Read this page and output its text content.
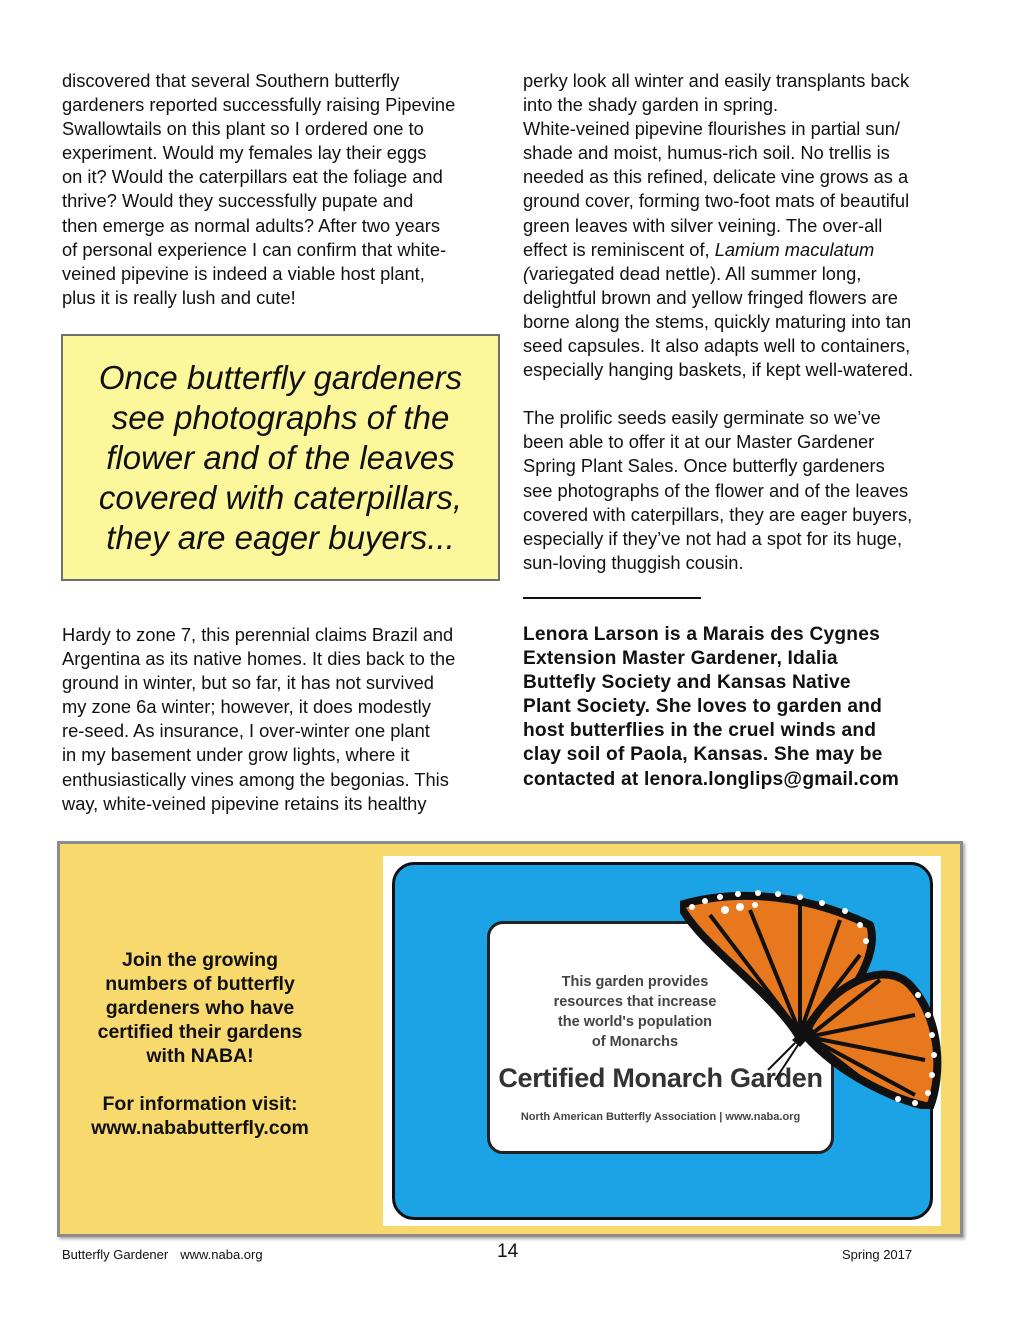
discovered that several Southern butterfly
gardeners reported successfully raising Pipevine
Swallowtails on this plant so I ordered one to
experiment. Would my females lay their eggs
on it? Would the caterpillars eat the foliage and
thrive? Would they successfully pupate and
then emerge as normal adults? After two years
of personal experience I can confirm that white-
veined pipevine is indeed a viable host plant,
plus it is really lush and cute!

Once butterfly gardeners
see photographs of the
flower and of the leaves
covered with caterpillars,
they are eager buyers...

Hardy to zone 7, this perennial claims Brazil and
Argentina as its native homes. It dies back to the
ground in winter, but so far, it has not survived
my zone 6a winter; however, it does modestly
re-seed. As insurance, I over-winter one plant
in my basement under grow lights, where it
enthusiastically vines among the begonias. This
way, white-veined pipevine retains its healthy

perky look all winter and easily transplants back
into the shady garden in spring.

White-veined pipevine flourishes in partial sun/
shade and moist, humus-rich soil. No trellis is
needed as this refined, delicate vine grows as a
ground cover, forming two-foot mats of beautiful
green leaves with silver veining. The over-all
effect is reminiscent of, Lamium maculatum
(variegated dead nettle). All summer long,
delightful brown and yellow fringed flowers are
borne along the stems, quickly maturing into tan
seed capsules. It also adapts well to containers,
especially hanging baskets, if kept well-watered.

The prolific seeds easily germinate so we’ve
been able to offer it at our Master Gardener
Spring Plant Sales. Once butterfly gardeners
see photographs of the flower and of the leaves
covered with caterpillars, they are eager buyers,
especially if they’ve not had a spot for its huge,
sun-loving thuggish cousin.

Lenora Larson is a Marais des Cygnes
Extension Master Gardener, Idalia
Buttefly Society and Kansas Native
Plant Society. She loves to garden and
host butterflies in the cruel winds and
clay soil of Paola, Kansas. She may be
contacted at lenora.longlips@gmail.com
Join the growing
numbers of butterfly
gardeners who have
certified their gardens
with NABA!
For information visit:
www.nababutterfly.com
This garden provides
resources that increase
the world's population
of Monarchs
Certified Monarch Garden
North American Butterfly Association | www.naba.org
Butterfly Gardener www.naba.org	14	Spring 2017
